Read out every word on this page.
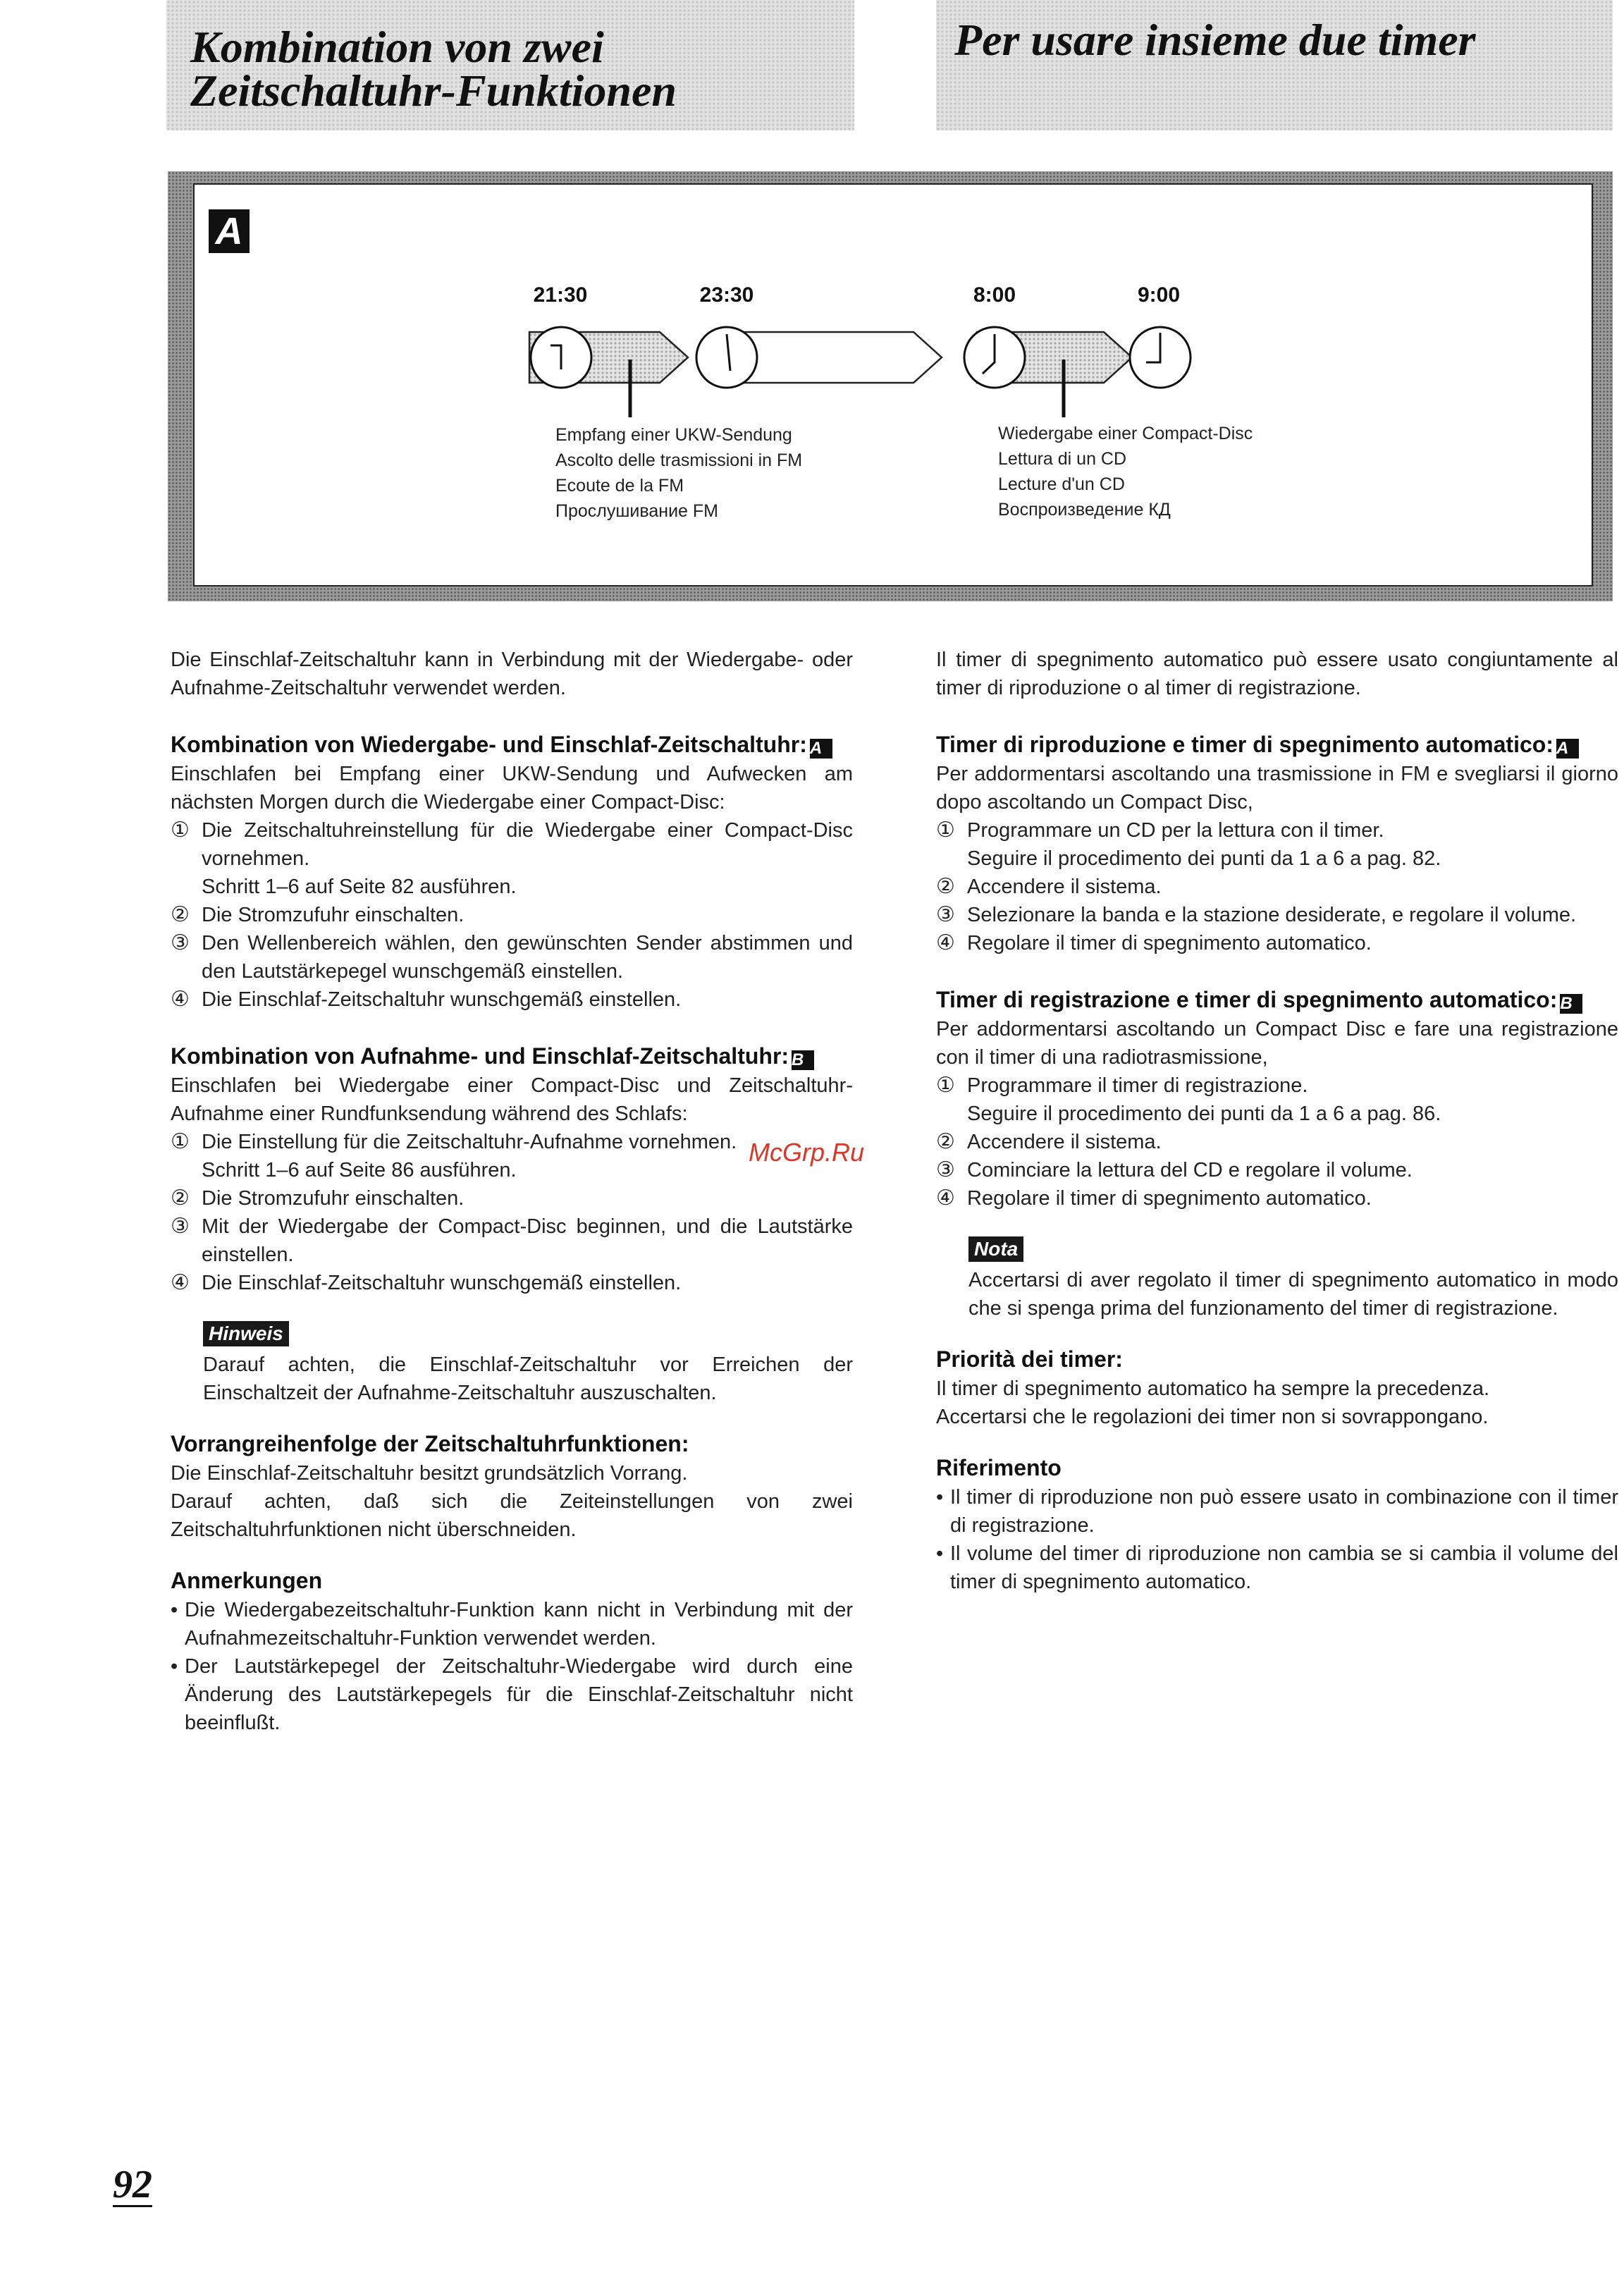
Kombination von zwei
Zeitschaltuhr-Funktionen
Per usare insieme due timer
A
21:30	23:30	8:00	9:00
Empfang einer UKW-Sendung
Ascolto delle trasmissioni in FM
Ecoute de la FM
Прослушивание FM
Wiedergabe einer Compact-Disc
Lettura di un CD
Lecture d'un CD
Воспроизведение КД

Die Einschlaf-Zeitschaltuhr kann in Verbindung mit der Wiedergabe- oder Aufnahme-Zeitschaltuhr verwendet werden.

Kombination von Wiedergabe- und Einschlaf-Zeitschaltuhr: A

Einschlafen bei Empfang einer UKW-Sendung und Aufwecken am nächsten Morgen durch die Wiedergabe einer Compact-Disc:

① Die Zeitschaltuhreinstellung für die Wiedergabe einer Compact-Disc vornehmen.
Schritt 1–6 auf Seite 82 ausführen.
② Die Stromzufuhr einschalten.
③ Den Wellenbereich wählen, den gewünschten Sender abstimmen und den Lautstärkepegel wunschgemäß einstellen.
④ Die Einschlaf-Zeitschaltuhr wunschgemäß einstellen.

Kombination von Aufnahme- und Einschlaf-Zeitschaltuhr: B

Einschlafen bei Wiedergabe einer Compact-Disc und Zeitschaltuhr-Aufnahme einer Rundfunksendung während des Schlafs:

① Die Einstellung für die Zeitschaltuhr-Aufnahme vornehmen.
Schritt 1–6 auf Seite 86 ausführen.
② Die Stromzufuhr einschalten.
③ Mit der Wiedergabe der Compact-Disc beginnen, und die Lautstärke einstellen.
④ Die Einschlaf-Zeitschaltuhr wunschgemäß einstellen.
Hinweis

Darauf achten, die Einschlaf-Zeitschaltuhr vor Erreichen der Einschaltzeit der Aufnahme-Zeitschaltuhr auszuschalten.

Vorrangreihenfolge der Zeitschaltuhrfunktionen:

Die Einschlaf-Zeitschaltuhr besitzt grundsätzlich Vorrang.

Darauf achten, daß sich die Zeiteinstellungen von zwei Zeitschaltuhrfunktionen nicht überschneiden.

Anmerkungen

• Die Wiedergabezeitschaltuhr-Funktion kann nicht in Verbindung mit der Aufnahmezeitschaltuhr-Funktion verwendet werden.
• Der Lautstärkepegel der Zeitschaltuhr-Wiedergabe wird durch eine Änderung des Lautstärkepegels für die Einschlaf-Zeitschaltuhr nicht beeinflußt.

Il timer di spegnimento automatico può essere usato congiuntamente al timer di riproduzione o al timer di registrazione.

Timer di riproduzione e timer di spegnimento automatico: A

Per addormentarsi ascoltando una trasmissione in FM e svegliarsi il giorno dopo ascoltando un Compact Disc,

① Programmare un CD per la lettura con il timer.
Seguire il procedimento dei punti da 1 a 6 a pag. 82.
② Accendere il sistema.
③ Selezionare la banda e la stazione desiderate, e regolare il volume.
④ Regolare il timer di spegnimento automatico.

Timer di registrazione e timer di spegnimento automatico: B

Per addormentarsi ascoltando un Compact Disc e fare una registrazione con il timer di una radiotrasmissione,

① Programmare il timer di registrazione.
Seguire il procedimento dei punti da 1 a 6 a pag. 86.
② Accendere il sistema.
③ Cominciare la lettura del CD e regolare il volume.
④ Regolare il timer di spegnimento automatico.
Nota

Accertarsi di aver regolato il timer di spegnimento automatico in modo che si spenga prima del funzionamento del timer di registrazione.

Priorità dei timer:

Il timer di spegnimento automatico ha sempre la precedenza.

Accertarsi che le regolazioni dei timer non si sovrappongano.

Riferimento

• Il timer di riproduzione non può essere usato in combinazione con il timer di registrazione.
• Il volume del timer di riproduzione non cambia se si cambia il volume del timer di spegnimento automatico.
McGrp.Ru
92
